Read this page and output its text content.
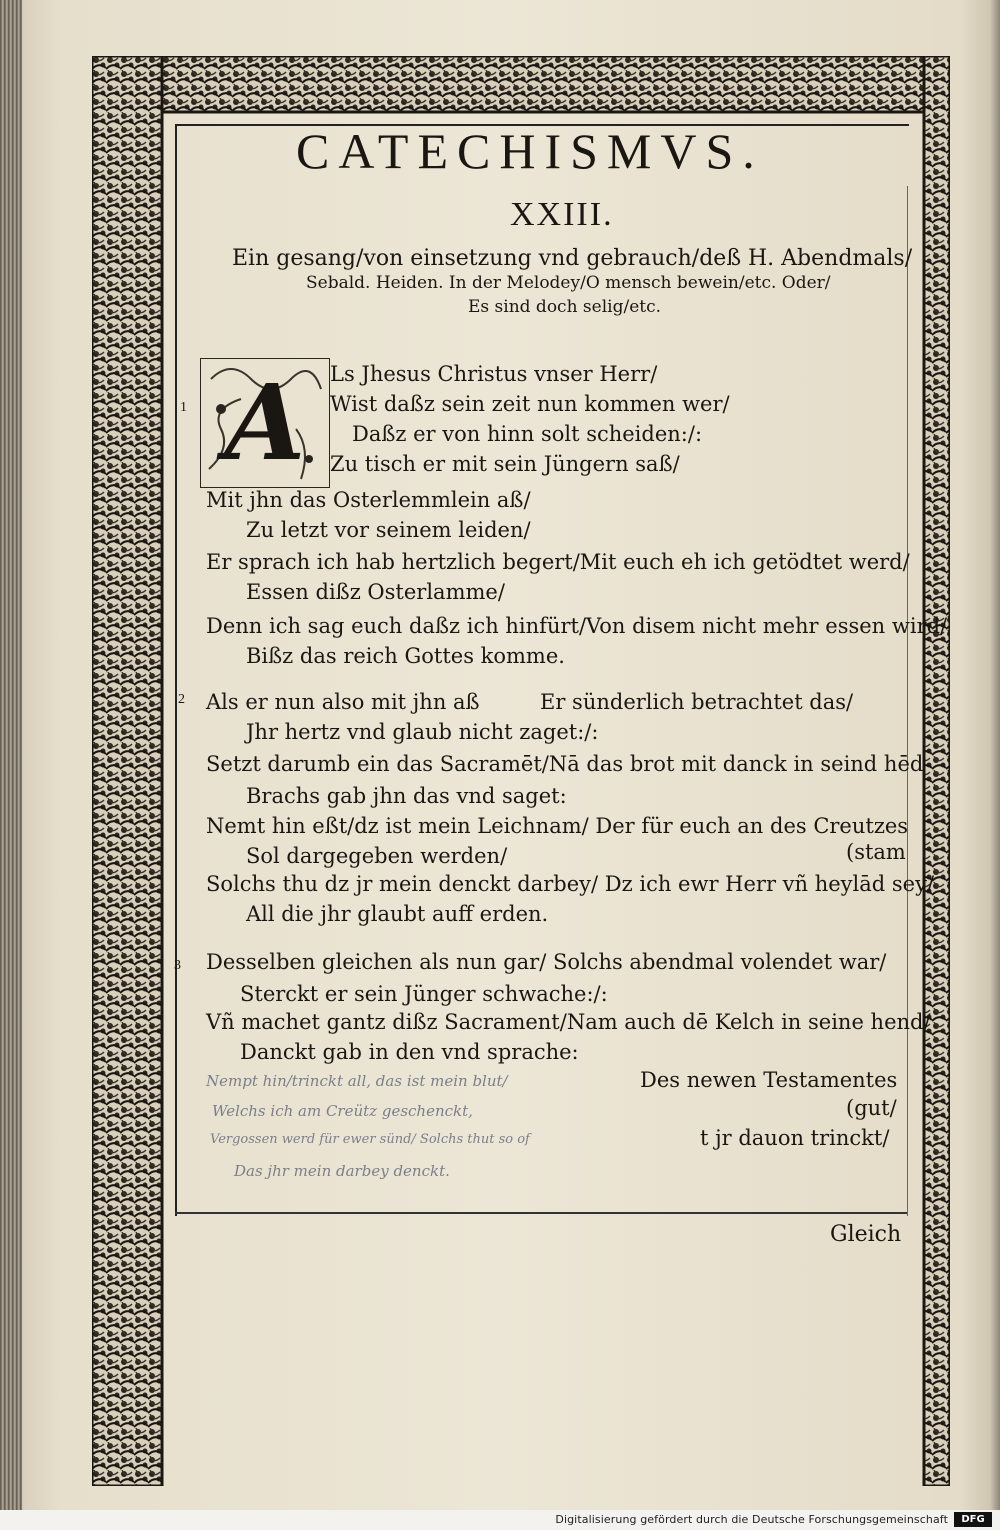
CATECHISMVS.
XXIII.
Ein gesang/von einsetzung vnd gebrauch/deß H. Abendmals/
Sebald. Heiden. In der Melodey/O mensch bewein/etc. Oder/
Es sind doch selig/etc.
A
1
Ls Jhesus Christus vnser Herr/
Wist daßz sein zeit nun kommen wer/
Daßz er von hinn solt scheiden:/:
Zu tisch er mit sein Jüngern saß/
Mit jhn das Osterlemmlein aß/
Zu letzt vor seinem leiden/
Er sprach ich hab hertzlich begert/Mit euch eh ich getödtet werd/
Essen dißz Osterlamme/
Denn ich sag euch daßz ich hinfürt/Von disem nicht mehr essen wird/
Bißz das reich Gottes komme.
2 Als er nun also mit jhn aß	Er sünderlich betrachtet das/
Jhr hertz vnd glaub nicht zaget:/:
Setzt darumb ein das Sacramēt/Nā das brot mit danck in seind hēd
Brachs gab jhn das vnd saget:
Nemt hin eßt/dz ist mein Leichnam/ Der für euch an des Creutzes
Sol dargegeben werden/	(stam
Solchs thu dz jr mein denckt darbey/ Dz ich ewr Herr vñ heylād sey/
All die jhr glaubt auff erden.
3 Desselben gleichen als nun gar/ Solchs abendmal volendet war/
Sterckt er sein Jünger schwache:/:
Vñ machet gantz dißz Sacrament/Nam auch dē Kelch in seine hend/
Danckt gab in den vnd sprache:
Des newen Testamentes
(gut/
t jr dauon trinckt/
Nempt hin/trinckt all, das ist mein blut/
Welchs ich am Creütz geschenckt,
Vergossen werd für ewer sünd/ Solchs thut so of
Das jhr mein darbey denckt.
Gleich
Digitalisierung gefördert durch die Deutsche Forschungsgemeinschaft	DFG
